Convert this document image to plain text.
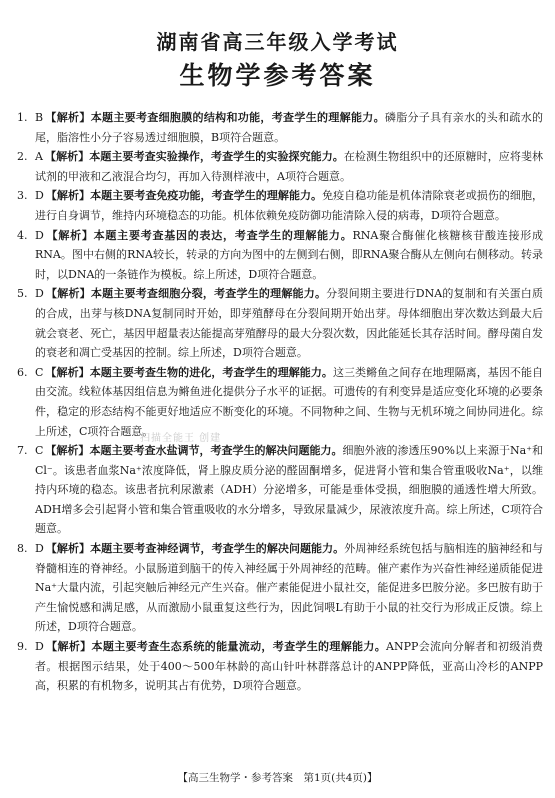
湖南省高三年级入学考试
生物学参考答案
1. B 【解析】本题主要考查细胞膜的结构和功能，考查学生的理解能力。磷脂分子具有亲水的头和疏水的尾，脂溶性小分子容易透过细胞膜，B项符合题意。
2. A 【解析】本题主要考查实验操作，考查学生的实验探究能力。在检测生物组织中的还原糖时，应将斐林试剂的甲液和乙液混合均匀，再加入待测样液中，A项符合题意。
3. D 【解析】本题主要考查免疫功能，考查学生的理解能力。免疫自稳功能是机体清除衰老或损伤的细胞，进行自身调节，维持内环境稳态的功能。机体依赖免疫防御功能清除入侵的病毒，D项符合题意。
4. D 【解析】本题主要考查基因的表达，考查学生的理解能力。RNA聚合酶催化核糖核苷酸连接形成RNA。图中右侧的RNA较长，转录的方向为图中的左侧到右侧，即RNA聚合酶从左侧向右侧移动。转录时，以DNA的一条链作为模板。综上所述，D项符合题意。
5. D 【解析】本题主要考查细胞分裂，考查学生的理解能力。分裂间期主要进行DNA的复制和有关蛋白质的合成，出芽与核DNA复制同时开始，即芽殖酵母在分裂间期开始出芽。母体细胞出芽次数达到最大后就会衰老、死亡，基因甲超量表达能提高芽殖酵母的最大分裂次数，因此能延长其存活时间。酵母菌自发的衰老和凋亡受基因的控制。综上所述，D项符合题意。
6. C 【解析】本题主要考查生物的进化，考查学生的理解能力。这三类鳉鱼之间存在地理隔离，基因不能自由交流。线粒体基因组信息为鳉鱼进化提供分子水平的证据。可遗传的有利变异是适应变化环境的必要条件，稳定的形态结构不能更好地适应不断变化的环境。不同物种之间、生物与无机环境之间协同进化。综上所述，C项符合题意。
7. C 【解析】本题主要考查水盐调节，考查学生的解决问题能力。细胞外液的渗透压90%以上来源于Na⁺和Cl⁻。该患者血浆Na⁺浓度降低，肾上腺皮质分泌的醛固酮增多，促进肾小管和集合管重吸收Na⁺，以维持内环境的稳态。该患者抗利尿激素（ADH）分泌增多，可能是垂体受损，细胞膜的通透性增大所致。ADH增多会引起肾小管和集合管重吸收的水分增多，导致尿量减少，尿液浓度升高。综上所述，C项符合题意。
8. D 【解析】本题主要考查神经调节，考查学生的解决问题能力。外周神经系统包括与脑相连的脑神经和与脊髓相连的脊神经。小鼠肠道到脑干的传入神经属于外周神经的范畴。催产素作为兴奋性神经递质能促进Na⁺大量内流，引起突触后神经元产生兴奋。催产素能促进小鼠社交，能促进多巴胺分泌。多巴胺有助于产生愉悦感和满足感，从而激励小鼠重复这些行为，因此饲喂L有助于小鼠的社交行为形成正反馈。综上所述，D项符合题意。
9. D 【解析】本题主要考查生态系统的能量流动，考查学生的理解能力。ANPP会流向分解者和初级消费者。根据图示结果，处于400～500年林龄的高山针叶林群落总计的ANPP降低，亚高山冷杉的ANPP高，积累的有机物多，说明其占有优势，D项符合题意。
扫描全能王 创建
【高三生物学・参考答案　第1页(共4页)】
